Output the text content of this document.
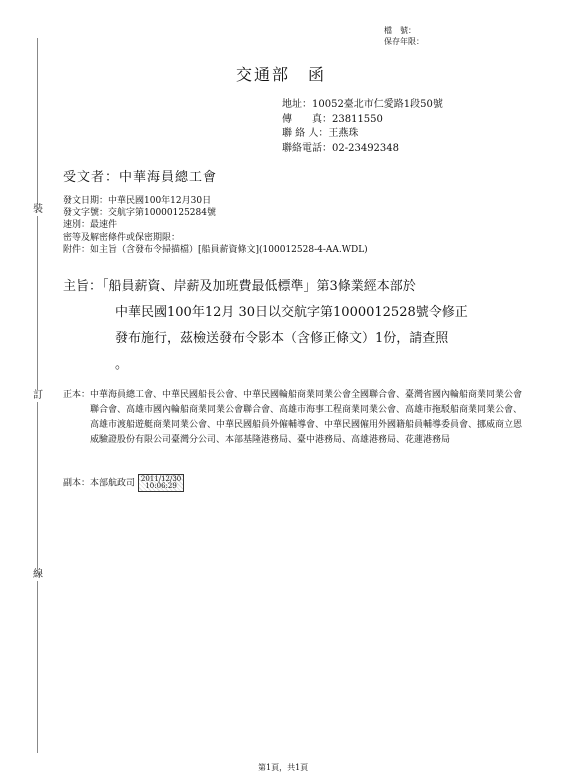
裝
訂
線
檔　號：
保存年限：
交通部　函
地址：10052臺北市仁愛路1段50號
傳　　真：23811550
聯 絡 人：王燕珠
聯絡電話：02-23492348
受文者：中華海員總工會
發文日期：中華民國100年12月30日
發文字號：交航字第10000125284號
速別：最速件
密等及解密條件或保密期限：
附件：如主旨（含發布令掃描檔）[船員薪資條文](100012528-4-AA.WDL)
主旨：「船員薪資、岸薪及加班費最低標準」第3條業經本部於
中華民國100年12月 30日以交航字第1000012528號令修正
發布施行，茲檢送發布令影本（含修正條文）1份，請查照
。
正本：中華海員總工會、中華民國船長公會、中華民國輪船商業同業公會全國聯合會、臺灣省國內輪船商業同業公會聯合會、高雄市國內輪船商業同業公會聯合會、高雄市海事工程商業同業公會、高雄市拖駁船商業同業公會、高雄市渡船遊艇商業同業公會、中華民國船員外僱輔導會、中華民國僱用外國籍船員輔導委員會、挪威商立恩威驗證股份有限公司臺灣分公司、本部基隆港務局、臺中港務局、高雄港務局、花蓮港務局
副本：本部航政司 2011/12/30
10:06:29
第1頁，共1頁
